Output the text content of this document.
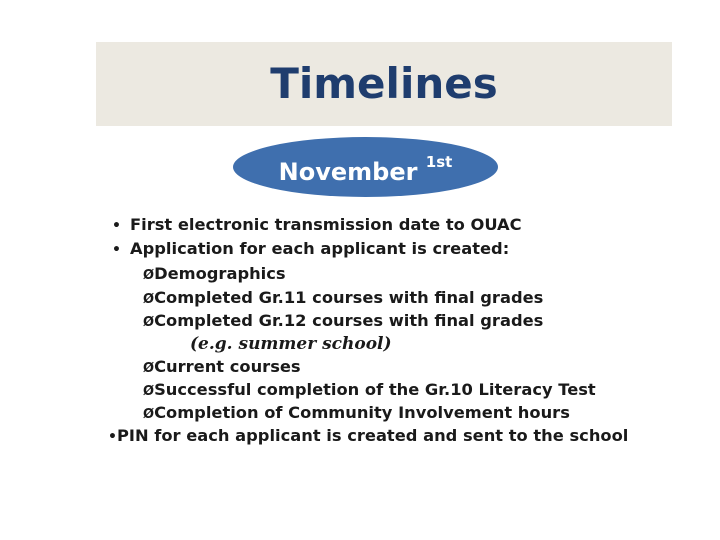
Timelines
November $^{1st}$
• First electronic transmission date to OUAC
• Application for each applicant is created:
ØDemographics
ØCompleted Gr.11 courses with final grades
ØCompleted Gr.12 courses with final grades
(e.g. summer school)
ØCurrent courses
ØSuccessful completion of the Gr.10 Literacy Test
ØCompletion of Community Involvement hours
•PIN for each applicant is created and sent to the school
